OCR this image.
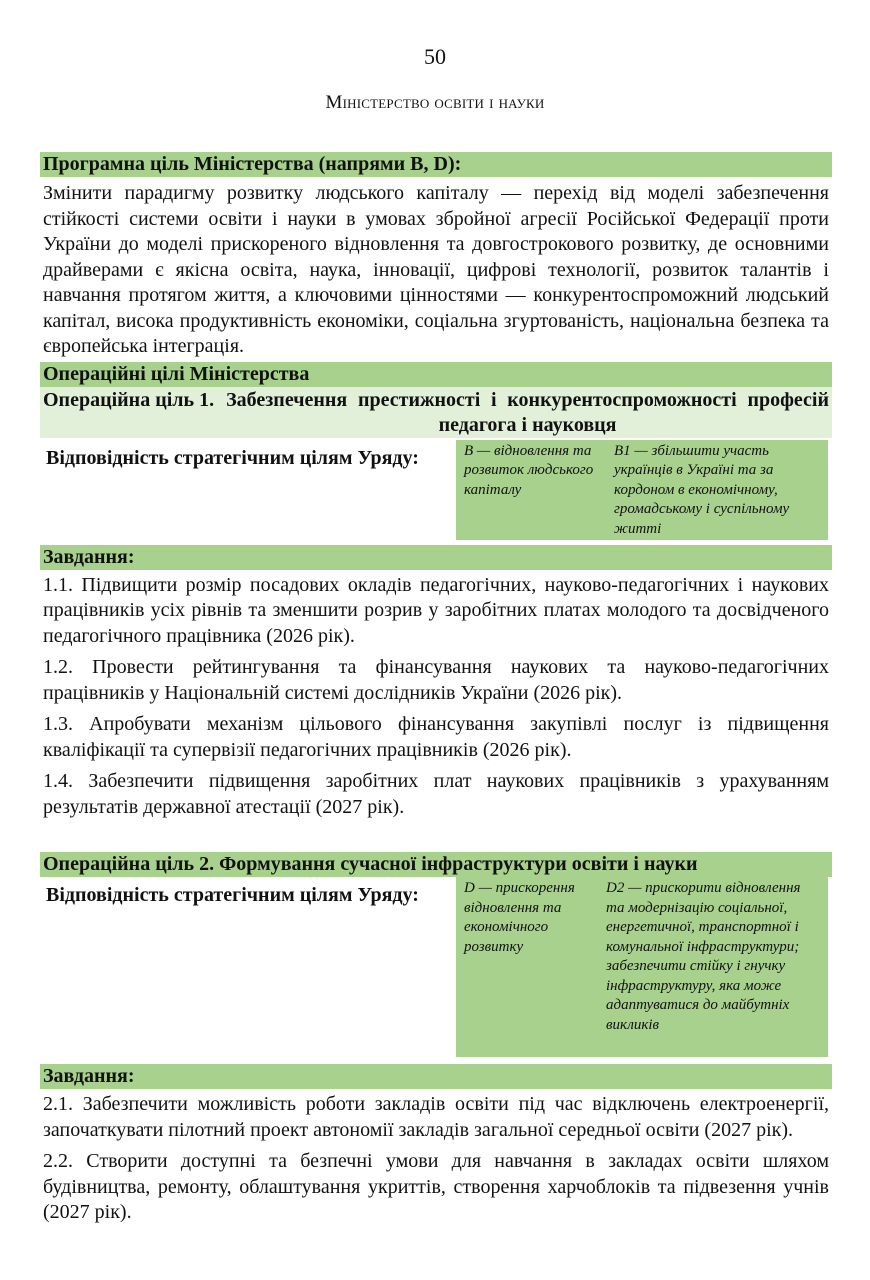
50
Міністерство освіти і науки
Програмна ціль Міністерства (напрями B, D):
Змінити парадигму розвитку людського капіталу — перехід від моделі забезпечення стійкості системи освіти і науки в умовах збройної агресії Російської Федерації проти України до моделі прискореного відновлення та довгострокового розвитку, де основними драйверами є якісна освіта, наука, інновації, цифрові технології, розвиток талантів і навчання протягом життя, а ключовими цінностями — конкурентоспроможний людський капітал, висока продуктивність економіки, соціальна згуртованість, національна безпека та європейська інтеграція.
Операційні цілі Міністерства
Операційна ціль 1. Забезпечення престижності і конкурентоспроможності професій педагога і науковця
Відповідність стратегічним цілям Уряду:	B — відновлення та розвиток людського капіталу
B1 — збільшити участь українців в Україні та за кордоном в економічному, громадському і суспільному житті
Завдання:
1.1. Підвищити розмір посадових окладів педагогічних, науково-педагогічних і наукових працівників усіх рівнів та зменшити розрив у заробітних платах молодого та досвідченого педагогічного працівника (2026 рік).
1.2. Провести рейтингування та фінансування наукових та науково-педагогічних працівників у Національній системі дослідників України (2026 рік).
1.3. Апробувати механізм цільового фінансування закупівлі послуг із підвищення кваліфікації та супервізії педагогічних працівників (2026 рік).
1.4. Забезпечити підвищення заробітних плат наукових працівників з урахуванням результатів державної атестації (2027 рік).
Операційна ціль 2. Формування сучасної інфраструктури освіти і науки
Відповідність стратегічним цілям Уряду:	D — прискорення відновлення та економічного розвитку
D2 — прискорити відновлення та модернізацію соціальної, енергетичної, транспортної і комунальної інфраструктури; забезпечити стійку і гнучку інфраструктуру, яка може адаптуватися до майбутніх викликів
Завдання:
2.1. Забезпечити можливість роботи закладів освіти під час відключень електроенергії, започаткувати пілотний проект автономії закладів загальної середньої освіти (2027 рік).
2.2. Створити доступні та безпечні умови для навчання в закладах освіти шляхом будівництва, ремонту, облаштування укриттів, створення харчоблоків та підвезення учнів (2027 рік).
